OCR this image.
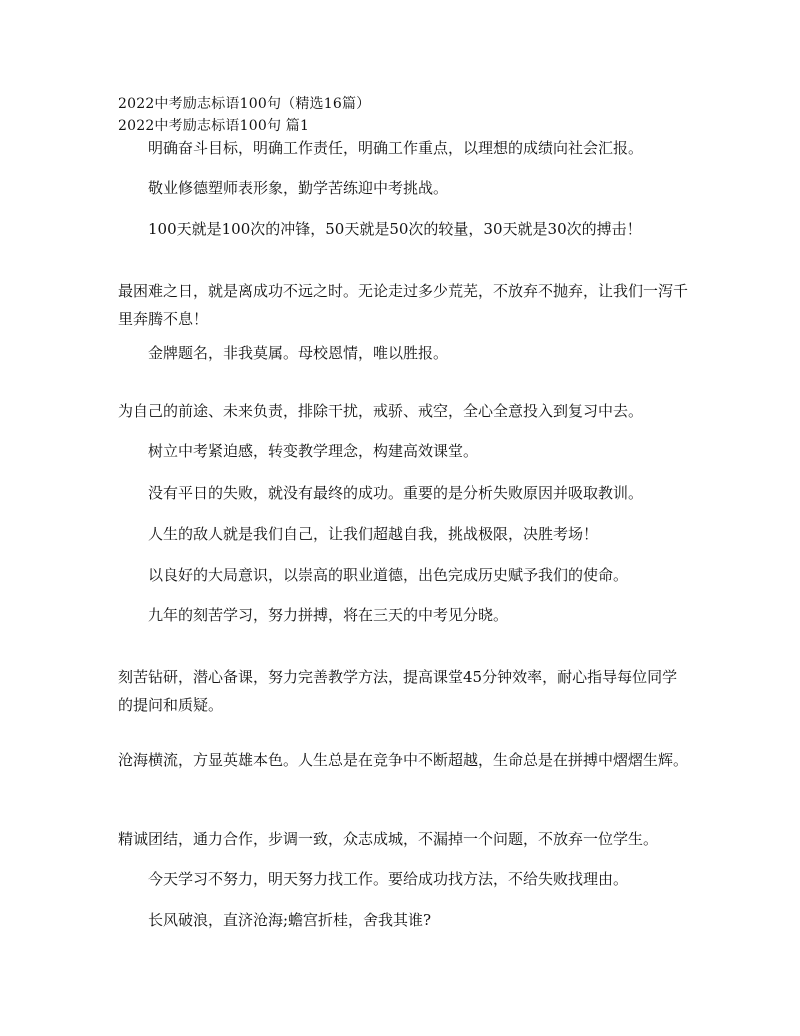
2022中考励志标语100句（精选16篇）
2022中考励志标语100句 篇1
明确奋斗目标，明确工作责任，明确工作重点，以理想的成绩向社会汇报。
敬业修德塑师表形象，勤学苦练迎中考挑战。
100天就是100次的冲锋，50天就是50次的较量，30天就是30次的搏击！
最困难之日，就是离成功不远之时。无论走过多少荒芜，不放弃不抛弃，让我们一泻千里奔腾不息！
金牌题名，非我莫属。母校恩情，唯以胜报。
为自己的前途、未来负责，排除干扰，戒骄、戒空，全心全意投入到复习中去。
树立中考紧迫感，转变教学理念，构建高效课堂。
没有平日的失败，就没有最终的成功。重要的是分析失败原因并吸取教训。
人生的敌人就是我们自己，让我们超越自我，挑战极限，决胜考场！
以良好的大局意识，以崇高的职业道德，出色完成历史赋予我们的使命。
九年的刻苦学习，努力拼搏，将在三天的中考见分晓。
刻苦钻研，潜心备课，努力完善教学方法，提高课堂45分钟效率，耐心指导每位同学的提问和质疑。
沧海横流，方显英雄本色。人生总是在竞争中不断超越，生命总是在拼搏中熠熠生辉。
精诚团结，通力合作，步调一致，众志成城，不漏掉一个问题，不放弃一位学生。
今天学习不努力，明天努力找工作。要给成功找方法，不给失败找理由。
长风破浪，直济沧海;蟾宫折桂，舍我其谁?
